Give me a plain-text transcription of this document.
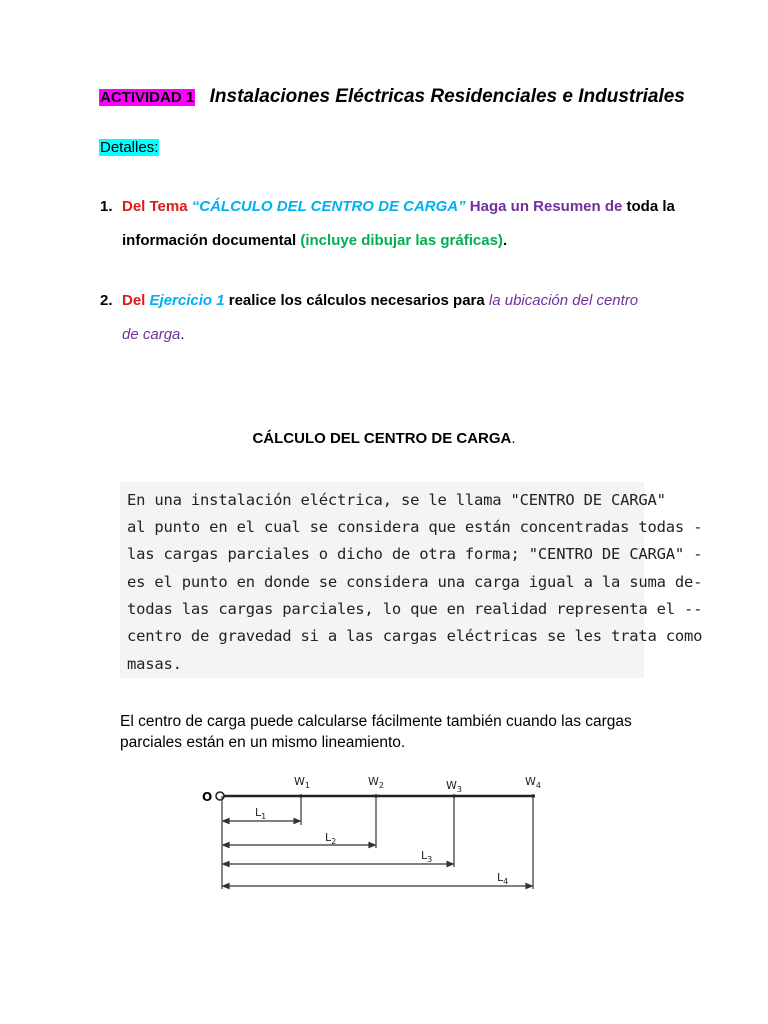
ACTIVIDAD 1 Instalaciones Eléctricas Residenciales e Industriales
Detalles:
1. Del Tema “CÁLCULO DEL CENTRO DE CARGA” Haga un Resumen de toda la
información documental (incluye dibujar las gráficas).
2. Del Ejercicio 1 realice los cálculos necesarios para la ubicación del centro
de carga.
CÁLCULO DEL CENTRO DE CARGA.
En una instalación eléctrica, se le llama "CENTRO DE CARGA"
al punto en el cual se considera que están concentradas todas -
las cargas parciales o dicho de otra forma; "CENTRO DE CARGA" -
es el punto en donde se considera una carga igual a la suma de-
todas las cargas parciales, lo que en realidad representa el --
centro de gravedad si a las cargas eléctricas se les trata como
masas.
El centro de carga puede calcularse fácilmente también cuando las cargas parciales están en un mismo lineamiento.
O
$W_1$	$W_2$	$W_3$
$W_4$
$L_1$
$L_2$
$L_3$
$L_4$
